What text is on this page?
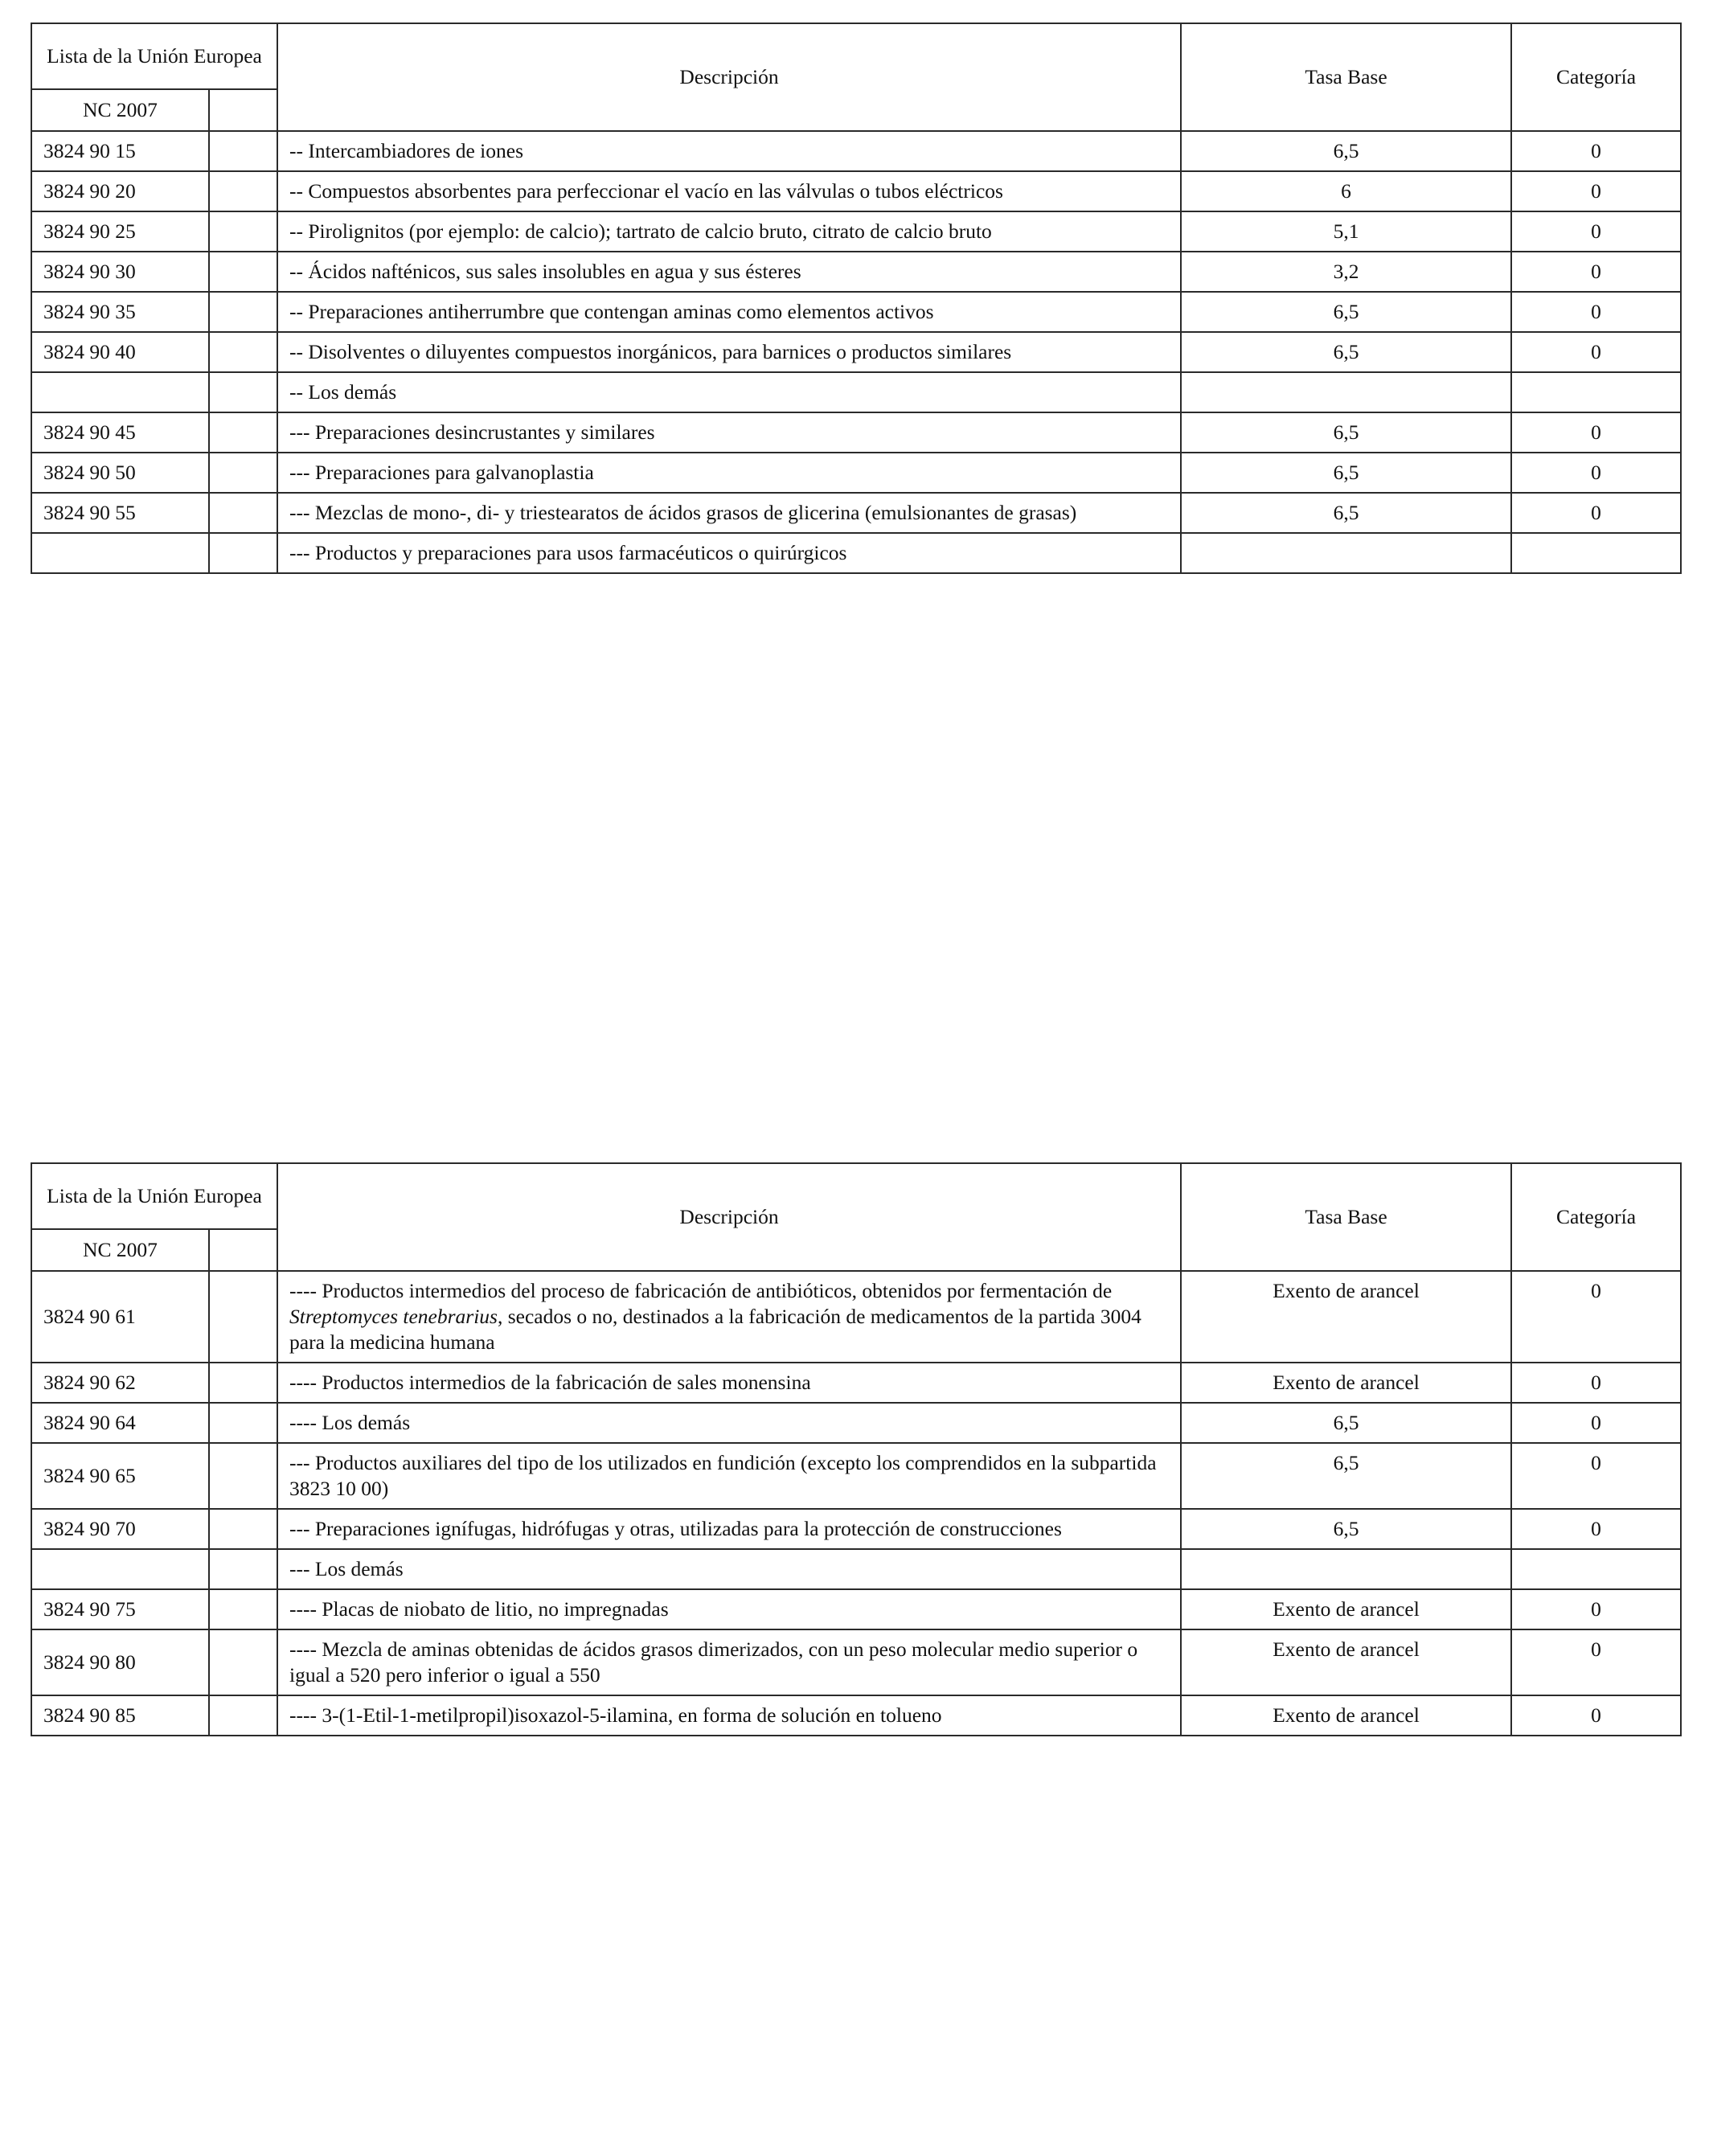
Lista de la Unión Europea		Descripción	Tasa Base	Categoría
NC 2007				
3824 90 15		-- Intercambiadores de iones	6,5	0
3824 90 20		-- Compuestos absorbentes para perfeccionar el vacío en las válvulas o tubos eléctricos	6	0
3824 90 25		-- Pirolignitos (por ejemplo: de calcio); tartrato de calcio bruto, citrato de calcio bruto	5,1	0
3824 90 30		-- Ácidos nafténicos, sus sales insolubles en agua y sus ésteres	3,2	0
3824 90 35		-- Preparaciones antiherrumbre que contengan aminas como elementos activos	6,5	0
3824 90 40		-- Disolventes o diluyentes compuestos inorgánicos, para barnices o productos similares	6,5	0
		-- Los demás		
3824 90 45		--- Preparaciones desincrustantes y similares	6,5	0
3824 90 50		--- Preparaciones para galvanoplastia	6,5	0
3824 90 55		--- Mezclas de mono-, di- y triestearatos de ácidos grasos de glicerina (emulsionantes de grasas)	6,5	0
		--- Productos y preparaciones para usos farmacéuticos o quirúrgicos		
Lista de la Unión Europea		Descripción	Tasa Base	Categoría
NC 2007				
3824 90 61		---- Productos intermedios del proceso de fabricación de antibióticos, obtenidos por fermentación de Streptomyces tenebrarius, secados o no, destinados a la fabricación de medicamentos de la partida 3004 para la medicina humana	Exento de arancel	0
3824 90 62		---- Productos intermedios de la fabricación de sales monensina	Exento de arancel	0
3824 90 64		---- Los demás	6,5	0
3824 90 65		--- Productos auxiliares del tipo de los utilizados en fundición (excepto los comprendidos en la subpartida 3823 10 00)	6,5	0
3824 90 70		--- Preparaciones ignífugas, hidrófugas y otras, utilizadas para la protección de construcciones	6,5	0
		--- Los demás		
3824 90 75		---- Placas de niobato de litio, no impregnadas	Exento de arancel	0
3824 90 80		---- Mezcla de aminas obtenidas de ácidos grasos dimerizados, con un peso molecular medio superior o igual a 520 pero inferior o igual a 550	Exento de arancel	0
3824 90 85		---- 3-(1-Etil-1-metilpropil)isoxazol-5-ilamina, en forma de solución en tolueno	Exento de arancel	0
